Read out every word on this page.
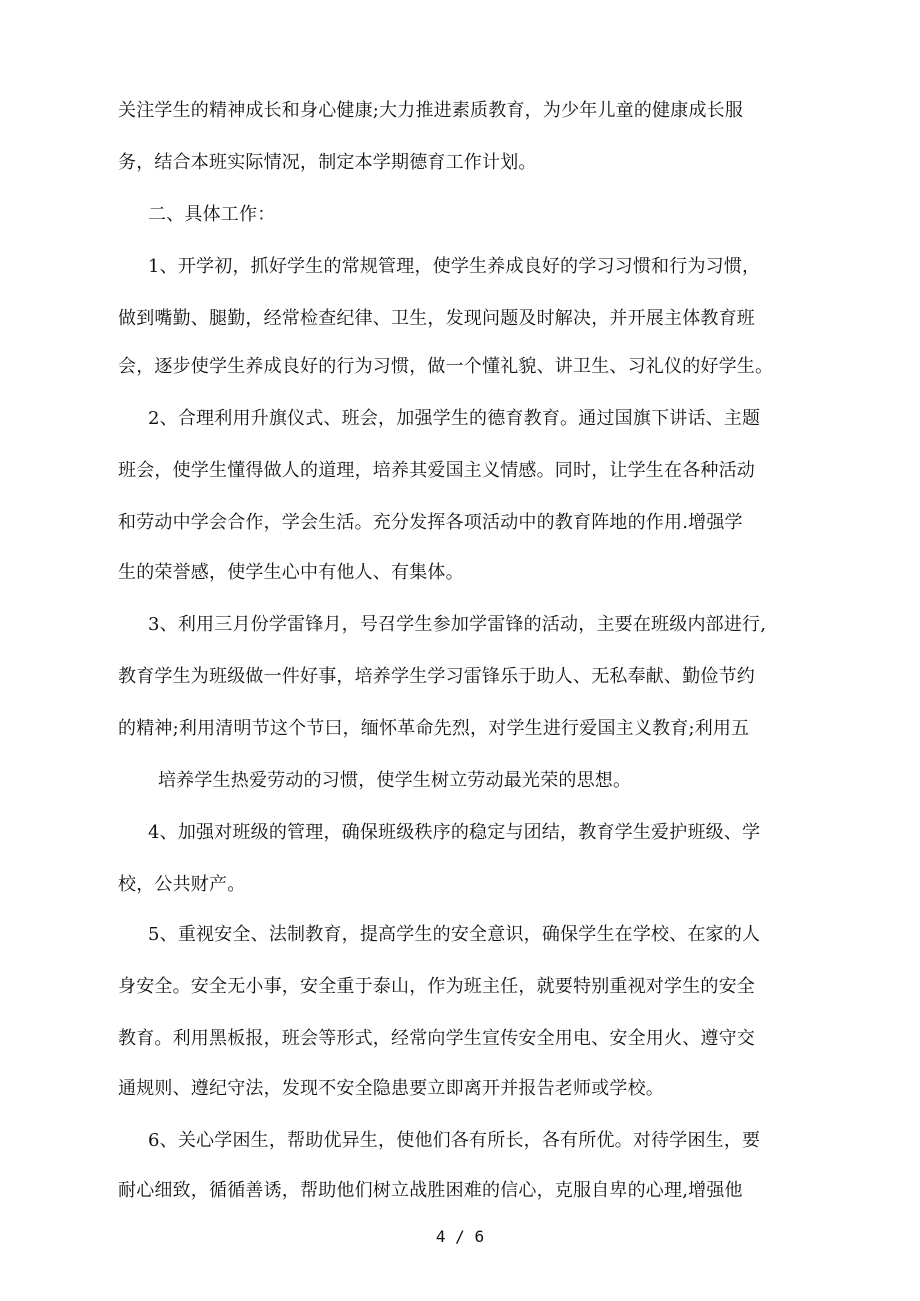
关注学生的精神成长和身心健康;大力推进素质教育，为少年儿童的健康成长服
务，结合本班实际情况，制定本学期德育工作计划。
二、具体工作：
1、开学初，抓好学生的常规管理，使学生养成良好的学习习惯和行为习惯，
做到嘴勤、腿勤，经常检查纪律、卫生，发现问题及时解决，并开展主体教育班
会，逐步使学生养成良好的行为习惯，做一个懂礼貌、讲卫生、习礼仪的好学生。
2、合理利用升旗仪式、班会，加强学生的德育教育。通过国旗下讲话、主题
班会，使学生懂得做人的道理，培养其爱国主义情感。同时，让学生在各种活动
和劳动中学会合作，学会生活。充分发挥各项活动中的教育阵地的作用.增强学
生的荣誉感，使学生心中有他人、有集体。
3、利用三月份学雷锋月，号召学生参加学雷锋的活动，主要在班级内部进行,
教育学生为班级做一件好事，培养学生学习雷锋乐于助人、无私奉献、勤俭节约
的精神;利用清明节这个节曰，缅怀革命先烈，对学生进行爱国主义教育;利用五
培养学生热爱劳动的习惯，使学生树立劳动最光荣的思想。
4、加强对班级的管理，确保班级秩序的稳定与团结，教育学生爱护班级、学
校，公共财产。
5、重视安全、法制教育，提高学生的安全意识，确保学生在学校、在家的人
身安全。安全无小事，安全重于泰山，作为班主任，就要特别重视对学生的安全
教育。利用黑板报，班会等形式，经常向学生宣传安全用电、安全用火、遵守交
通规则、遵纪守法，发现不安全隐患要立即离开并报告老师或学校。
6、关心学困生，帮助优异生，使他们各有所长，各有所优。对待学困生，要
耐心细致，循循善诱，帮助他们树立战胜困难的信心，克服自卑的心理,增强他
4 / 6
